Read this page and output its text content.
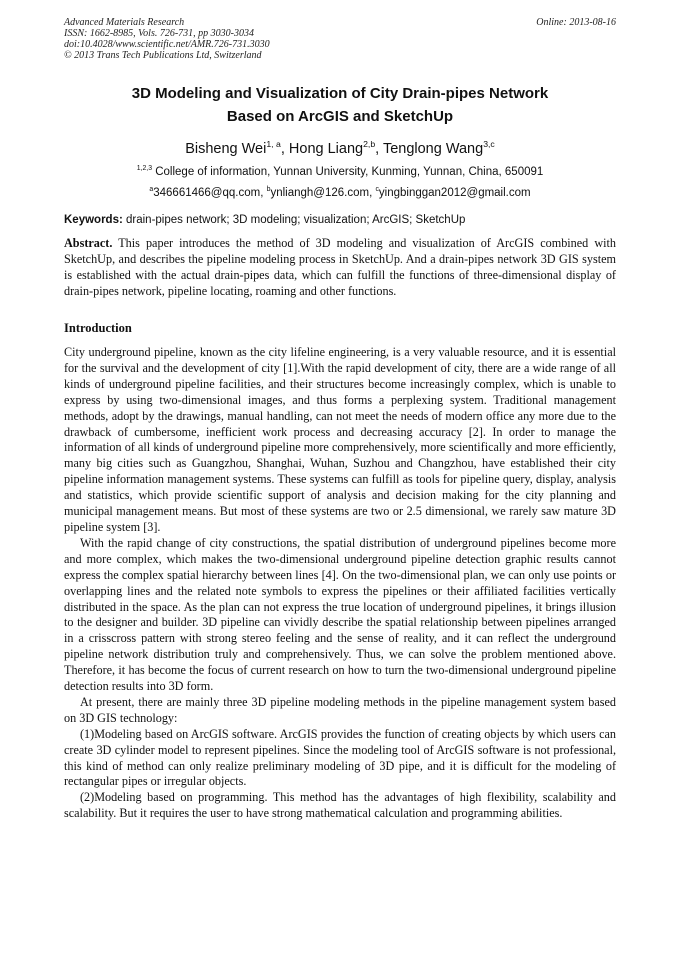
Advanced Materials Research
ISSN: 1662-8985, Vols. 726-731, pp 3030-3034
doi:10.4028/www.scientific.net/AMR.726-731.3030
© 2013 Trans Tech Publications Ltd, Switzerland
Online: 2013-08-16
3D Modeling and Visualization of City Drain-pipes Network
Based on ArcGIS and SketchUp
Bisheng Wei$^{1, a}$, Hong Liang$^{2,b}$, Tenglong Wang$^{3,c}$
$^{1,2,3}$ College of information, Yunnan University, Kunming, Yunnan, China, 650091
$^a$346661466@qq.com, $^b$ynliangh@126.com, $^c$yingbinggan2012@gmail.com
Keywords: drain-pipes network; 3D modeling; visualization; ArcGIS; SketchUp
Abstract. This paper introduces the method of 3D modeling and visualization of ArcGIS combined with SketchUp, and describes the pipeline modeling process in SketchUp. And a drain-pipes network 3D GIS system is established with the actual drain-pipes data, which can fulfill the functions of three-dimensional display of drain-pipes network, pipeline locating, roaming and other functions.
Introduction

City underground pipeline, known as the city lifeline engineering, is a very valuable resource, and it is essential for the survival and the development of city [1].With the rapid development of city, there are a wide range of all kinds of underground pipeline facilities, and their structures become increasingly complex, which is unable to express by using two-dimensional images, and thus forms a perplexing system. Traditional management methods, adopt by the drawings, manual handling, can not meet the needs of modern office any more due to the drawback of cumbersome, inefficient work process and decreasing accuracy [2]. In order to manage the information of all kinds of underground pipeline more comprehensively, more scientifically and more efficiently, many big cities such as Guangzhou, Shanghai, Wuhan, Suzhou and Changzhou, have established their city pipeline information management systems. These systems can fulfill as tools for pipeline query, display, analysis and statistics, which provide scientific support of analysis and decision making for the city planning and municipal management means. But most of these systems are two or 2.5 dimensional, we rarely saw mature 3D pipeline system [3].

With the rapid change of city constructions, the spatial distribution of underground pipelines become more and more complex, which makes the two-dimensional underground pipeline detection graphic results cannot express the complex spatial hierarchy between lines [4]. On the two-dimensional plan, we can only use points or overlapping lines and the related note symbols to express the pipelines or their affiliated facilities vertically distributed in the space. As the plan can not express the true location of underground pipelines, it brings illusion to the designer and builder. 3D pipeline can vividly describe the spatial relationship between pipelines arranged in a crisscross pattern with strong stereo feeling and the sense of reality, and it can reflect the underground pipeline network distribution truly and comprehensively. Thus, we can solve the problem mentioned above. Therefore, it has become the focus of current research on how to turn the two-dimensional underground pipeline detection results into 3D form.

At present, there are mainly three 3D pipeline modeling methods in the pipeline management system based on 3D GIS technology:

(1)Modeling based on ArcGIS software. ArcGIS provides the function of creating objects by which users can create 3D cylinder model to represent pipelines. Since the modeling tool of ArcGIS software is not professional, this kind of method can only realize preliminary modeling of 3D pipe, and it is difficult for the modeling of rectangular pipes or irregular objects.

(2)Modeling based on programming. This method has the advantages of high flexibility, scalability and scalability. But it requires the user to have strong mathematical calculation and programming abilities.
